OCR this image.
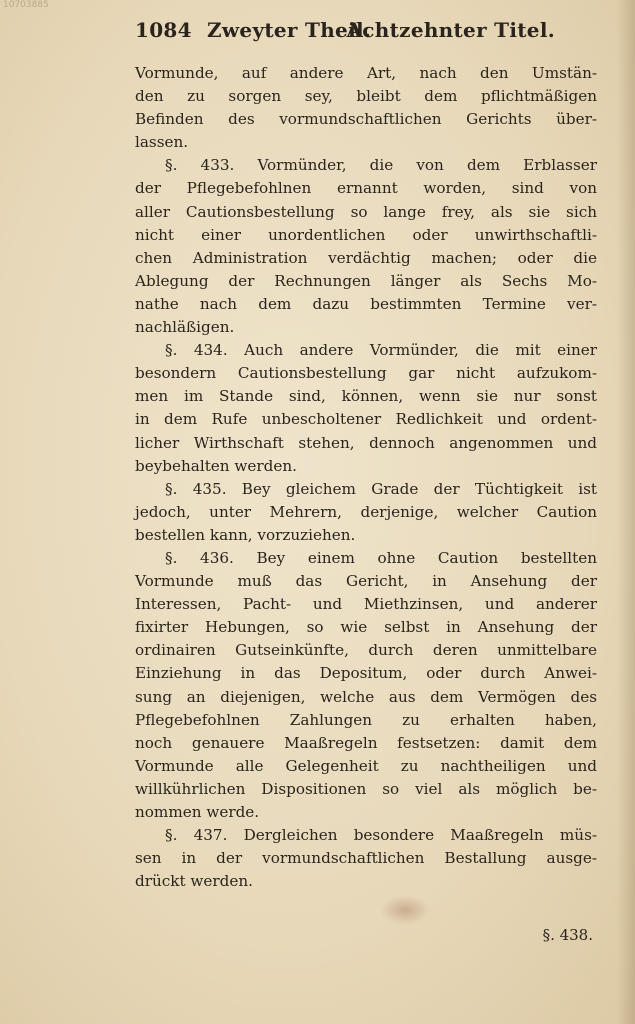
10703885
1084 Zweyter Theil.
Achtzehnter Titel.
Vormunde, auf andere Art, nach den Umstän-
den zu sorgen sey, bleibt dem pflichtmäßigen
Befinden des vormundschaftlichen Gerichts über-
lassen.
§. 433. Vormünder, die von dem Erblasser
der Pflegebefohlnen ernannt worden, sind von
aller Cautionsbestellung so lange frey, als sie sich
nicht einer unordentlichen oder unwirthschaftli-
chen Administration verdächtig machen; oder die
Ablegung der Rechnungen länger als Sechs Mo-
nathe nach dem dazu bestimmten Termine ver-
nachläßigen.
§. 434. Auch andere Vormünder, die mit einer
besondern Cautionsbestellung gar nicht aufzukom-
men im Stande sind, können, wenn sie nur sonst
in dem Rufe unbescholtener Redlichkeit und ordent-
licher Wirthschaft stehen, dennoch angenommen und
beybehalten werden.
§. 435. Bey gleichem Grade der Tüchtigkeit ist
jedoch, unter Mehrern, derjenige, welcher Caution
bestellen kann, vorzuziehen.
§. 436. Bey einem ohne Caution bestellten
Vormunde muß das Gericht, in Ansehung der
Interessen, Pacht- und Miethzinsen, und anderer
fixirter Hebungen, so wie selbst in Ansehung der
ordinairen Gutseinkünfte, durch deren unmittelbare
Einziehung in das Depositum, oder durch Anwei-
sung an diejenigen, welche aus dem Vermögen des
Pflegebefohlnen Zahlungen zu erhalten haben,
noch genauere Maaßregeln festsetzen: damit dem
Vormunde alle Gelegenheit zu nachtheiligen und
willkührlichen Dispositionen so viel als möglich be-
nommen werde.
§. 437. Dergleichen besondere Maaßregeln müs-
sen in der vormundschaftlichen Bestallung ausge-
drückt werden.
§. 438.
